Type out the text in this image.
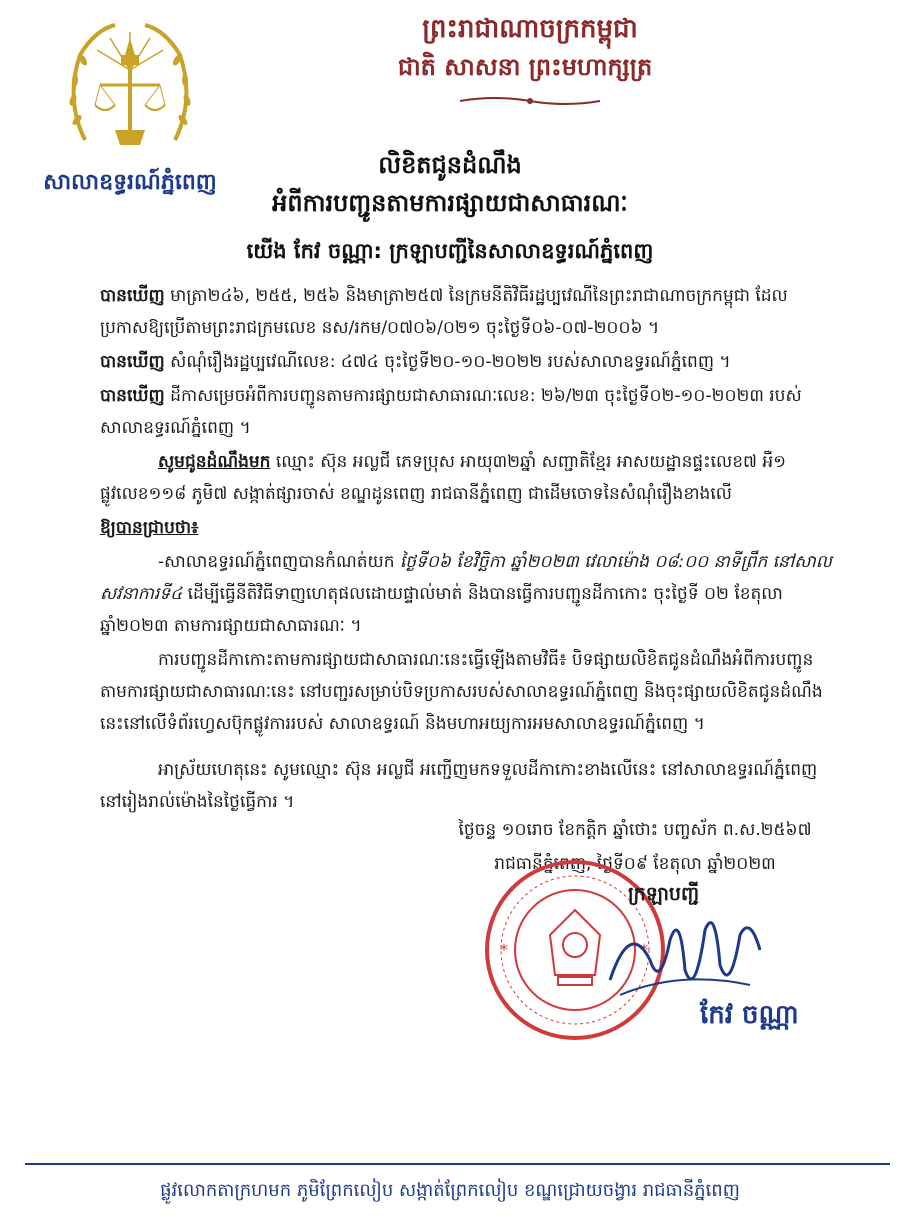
សាលាឧទ្ធរណ៍ភ្នំពេញ
ព្រះរាជាណាចក្រកម្ពុជា
ជាតិ សាសនា ព្រះមហាក្សត្រ
លិខិតជូនដំណឹង
អំពីការបញ្ជូនតាមការផ្សាយជាសាធារណៈ
យើង កែវ ចណ្ណា: ក្រឡាបញ្ជីនៃសាលាឧទ្ធរណ៍ភ្នំពេញ
បានឃើញ មាត្រា២៤៦, ២៥៥, ២៥៦ និងមាត្រា២៥៧ នៃក្រមនីតិវិធីរដ្ឋប្បវេណីនៃព្រះរាជាណាចក្រកម្ពុជា ដែលប្រកាសឱ្យប្រើតាមព្រះរាជក្រមលេខ នស/រកម/០៧០៦/០២១ ចុះថ្ងៃទី០៦-០៧-២០០៦ ។
បានឃើញ សំណុំរឿងរដ្ឋប្បវេណីលេខ: ៤៧៤ ចុះថ្ងៃទី២០-១០-២០២២ របស់សាលាឧទ្ធរណ៍ភ្នំពេញ ។
បានឃើញ ដីកាសម្រេចអំពីការបញ្ជូនតាមការផ្សាយជាសាធារណៈលេខ: ២៦/២៣ ចុះថ្ងៃទី០២-១០-២០២៣ របស់សាលាឧទ្ធរណ៍ភ្នំពេញ ។
សូមជូនដំណឹងមក ឈ្មោះ ស៊ុន អល្លជី ភេទប្រុស អាយុ៣២ឆ្នាំ សញ្ជាតិខ្មែរ អាសយដ្ឋានផ្ទះលេខ៧ អឺ១ ផ្លូវលេខ១១៨ ភូមិ៧ សង្កាត់ផ្សារចាស់ ខណ្ឌដូនពេញ រាជធានីភ្នំពេញ ជាដើមចោទនៃសំណុំរឿងខាងលើ
ឱ្យបានជ្រាបថា៖
-សាលាឧទ្ធរណ៍ភ្នំពេញបានកំណត់យក ថ្ងៃទី០៦ ខែវិច្ឆិកា ឆ្នាំ២០២៣ វេលាម៉ោង ០៨:០០ នាទីព្រឹក នៅសាលសវនាការទី៤ ដើម្បីធ្វើនីតិវិធីទាញហេតុផលដោយផ្ទាល់មាត់ និងបានធ្វើការបញ្ជូនដីកាកោះ ចុះថ្ងៃទី ០២ ខែតុលា ឆ្នាំ២០២៣ តាមការផ្សាយជាសាធារណៈ ។
ការបញ្ជូនដីកាកោះតាមការផ្សាយជាសាធារណៈនេះធ្វើឡើងតាមវិធី៖ បិទផ្សាយលិខិតជូនដំណឹងអំពីការបញ្ជូនតាមការផ្សាយជាសាធារណៈនេះ នៅបញ្ជរសម្រាប់បិទប្រកាសរបស់សាលាឧទ្ធរណ៍ភ្នំពេញ និងចុះផ្សាយលិខិតជូនដំណឹងនេះនៅលើទំព័រហ្វេសប៊ុកផ្លូវការរបស់ សាលាឧទ្ធរណ៍ និងមហាអយ្យការអមសាលាឧទ្ធរណ៍ភ្នំពេញ ។
អាស្រ័យហេតុនេះ សូមឈ្មោះ ស៊ុន អល្លជី អញ្ជើញមកទទួលដីកាកោះខាងលើនេះ នៅសាលាឧទ្ធរណ៍ភ្នំពេញ នៅរៀងរាល់ម៉ោងនៃថ្ងៃធ្វើការ ។
ថ្ងៃចន្ទ ១០រោច ខែកត្តិក ឆ្នាំថោះ បញ្ចស័ក ព.ស.២៥៦៧
រាជធានីភ្នំពេញ, ថ្ងៃទី០៩ ខែតុលា ឆ្នាំ២០២៣
*	*
ក្រឡាបញ្ជី
កែវ ចណ្ណា
ផ្លូវលោកតាក្រហមក ភូមិព្រែកលៀប សង្កាត់ព្រែកលៀប ខណ្ឌជ្រោយចង្វារ រាជធានីភ្នំពេញ
